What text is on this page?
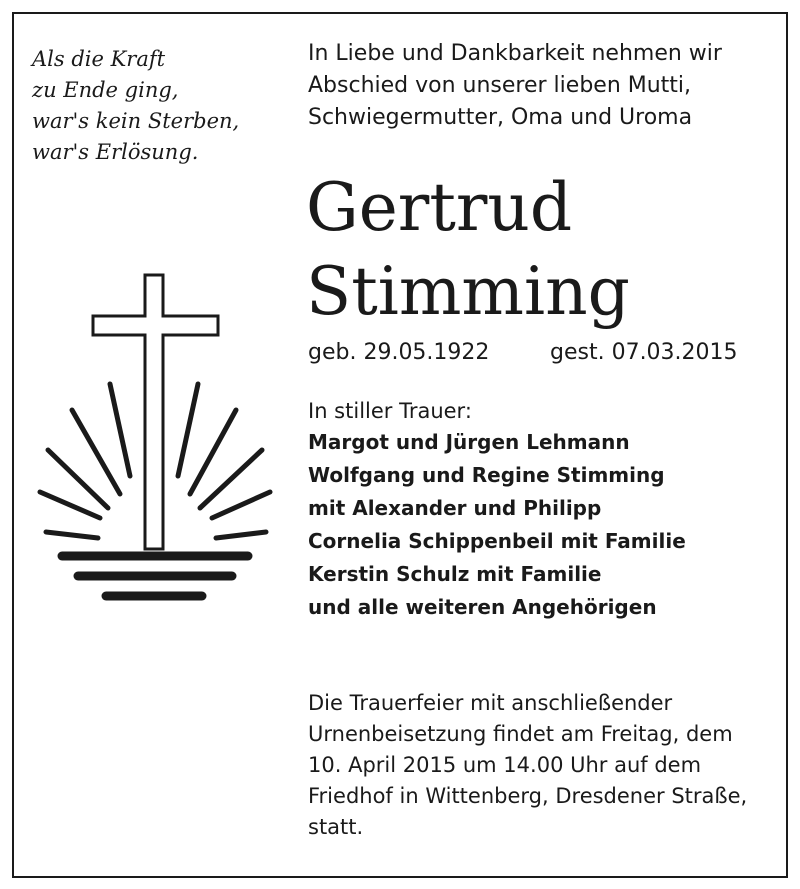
Als die Kraft
zu Ende ging,
war's kein Sterben,
war's Erlösung.
In Liebe und Dankbarkeit nehmen wir
Abschied von unserer lieben Mutti,
Schwiegermutter, Oma und Uroma
Gertrud
Stimming
geb. 29.05.1922	gest. 07.03.2015
In stiller Trauer:
Margot und Jürgen Lehmann
Wolfgang und Regine Stimming
mit Alexander und Philipp
Cornelia Schippenbeil mit Familie
Kerstin Schulz mit Familie
und alle weiteren Angehörigen
Die Trauerfeier mit anschließender
Urnenbeisetzung findet am Freitag, dem
10. April 2015 um 14.00 Uhr auf dem
Friedhof in Wittenberg, Dresdener Straße,
statt.
